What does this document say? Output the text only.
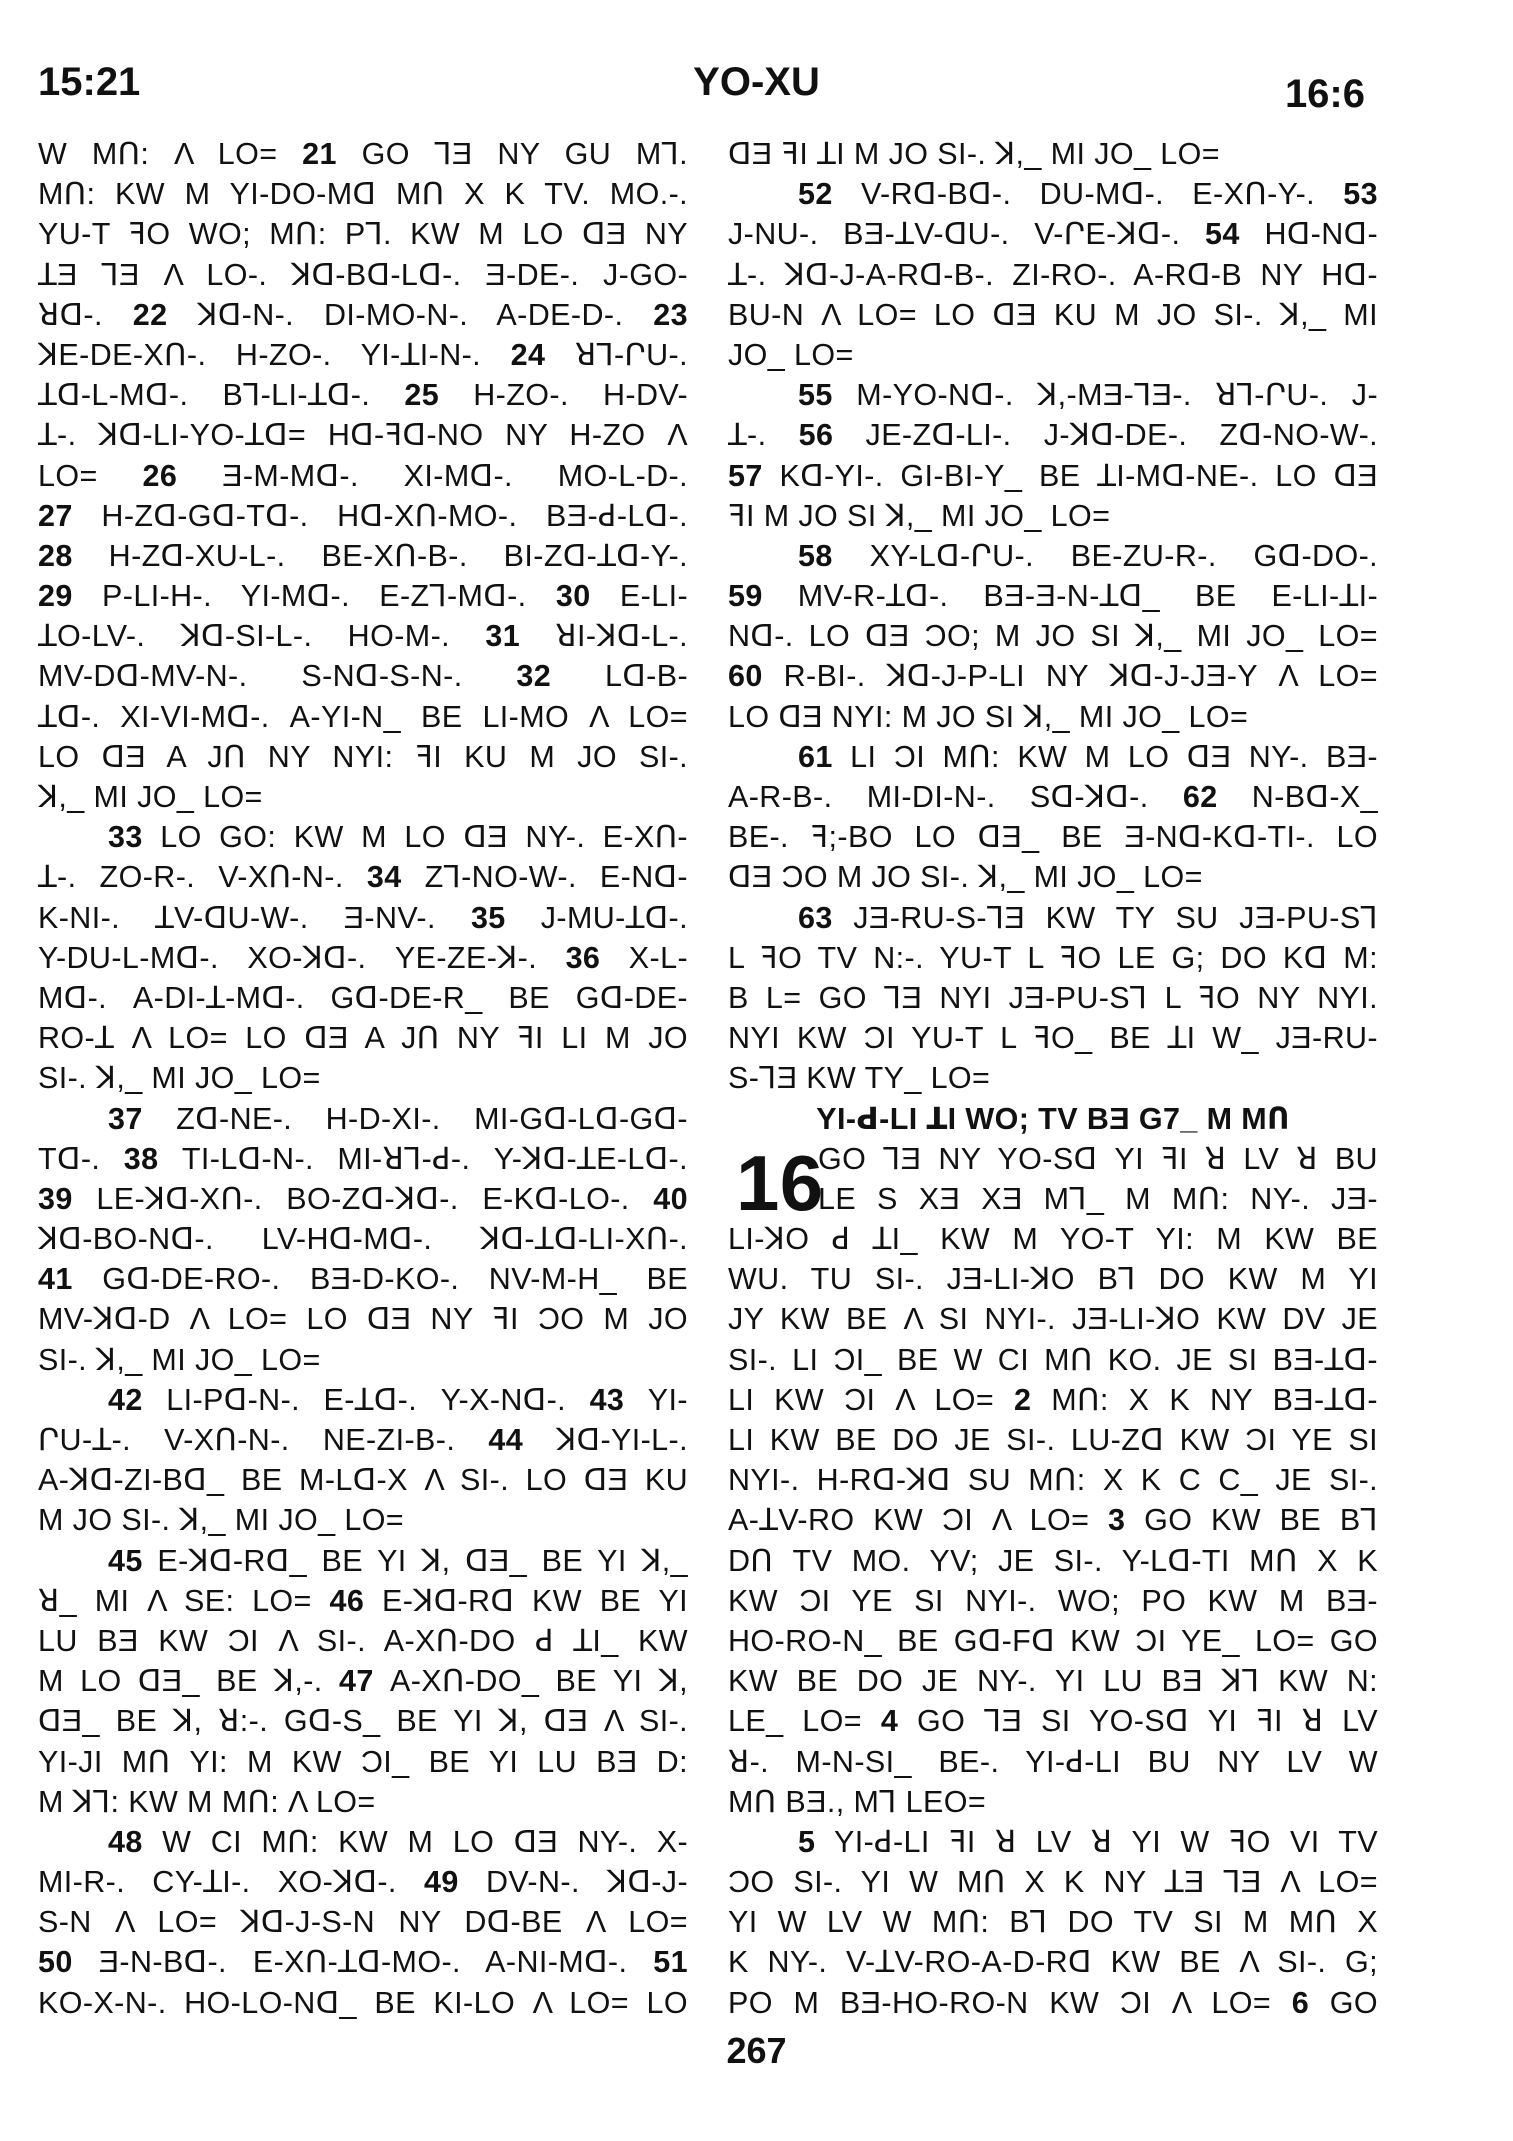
15:21	YO-XU	16:6
W MՈ: Λ LO= 21 GO ꓶƎ NY GU Mꓶ.
MՈ: KW M YI-DO-Mꓷ MՈ X K TV. MO.-.
YU-T ꟻO WO; MՈ: Pꓶ. KW M LO ꓷƎ NY
ꓕƎ ꓶƎ Λ LO-. ꓘꓷ-Bꓷ-Lꓷ-. Ǝ-DE-. J-GO-
ꓤꓷ-. 22 ꓘꓷ-N-. DI-MO-N-. A-DE-D-. 23
ꓘE-DE-XՈ-. H-ZO-. YI-ꓕI-N-. 24 ꓤꓶ-ՐU-.
ꓕꓷ-L-Mꓷ-. Bꓶ-LI-ꓕꓷ-. 25 H-ZO-. H-DV-
ꓕ-. ꓘꓷ-LI-YO-ꓕꓷ= Hꓷ-ꟻꓷ-NO NY H-ZO Λ
LO= 26 Ǝ-M-Mꓷ-. XI-Mꓷ-. MO-L-D-.
27 H-Zꓷ-Gꓷ-Tꓷ-. Hꓷ-XՈ-MO-. BƎ-ꓒ-Lꓷ-.
28 H-Zꓷ-XU-L-. BE-XՈ-B-. BI-Zꓷ-ꓕꓷ-Y-.
29 P-LI-H-. YI-Mꓷ-. E-Zꓶ-Mꓷ-. 30 E-LI-
ꓕO-LV-. ꓘꓷ-SI-L-. HO-M-. 31 ꓤI-ꓘꓷ-L-.
MV-Dꓷ-MV-N-. S-Nꓷ-S-N-. 32 Lꓷ-B-
ꓕꓷ-. XI-VI-Mꓷ-. A-YI-N_ BE LI-MO Λ LO=
LO ꓷƎ A JՈ NY NYI: ꟻI KU M JO SI-.
ꓘ,_ MI JO_ LO=
33 LO GO: KW M LO ꓷƎ NY-. E-XՈ-
ꓕ-. ZO-R-. V-XՈ-N-. 34 Zꓶ-NO-W-. E-Nꓷ-
K-NI-. ꓕV-ꓷU-W-. Ǝ-NV-. 35 J-MU-ꓕꓷ-.
Y-DU-L-Mꓷ-. XO-ꓘꓷ-. YE-ZE-ꓘ-. 36 X-L-
Mꓷ-. A-DI-ꓕ-Mꓷ-. Gꓷ-DE-R_ BE Gꓷ-DE-
RO-ꓕ Λ LO= LO ꓷƎ A JՈ NY ꟻI LI M JO
SI-. ꓘ,_ MI JO_ LO=
37 Zꓷ-NE-. H-D-XI-. MI-Gꓷ-Lꓷ-Gꓷ-
Tꓷ-. 38 TI-Lꓷ-N-. MI-ꓤꓶ-ꓒ-. Y-ꓘꓷ-ꓕE-Lꓷ-.
39 LE-ꓘꓷ-XՈ-. BO-Zꓷ-ꓘꓷ-. E-Kꓷ-LO-. 40
ꓘꓷ-BO-Nꓷ-. LV-Hꓷ-Mꓷ-. ꓘꓷ-ꓕꓷ-LI-XՈ-.
41 Gꓷ-DE-RO-. BƎ-D-KO-. NV-M-H_ BE
MV-ꓘꓷ-D Λ LO= LO ꓷƎ NY ꟻI ƆO M JO
SI-. ꓘ,_ MI JO_ LO=
42 LI-Pꓷ-N-. E-ꓕꓷ-. Y-X-Nꓷ-. 43 YI-
ՐU-ꓕ-. V-XՈ-N-. NE-ZI-B-. 44 ꓘꓷ-YI-L-.
A-ꓘꓷ-ZI-Bꓷ_ BE M-Lꓷ-X Λ SI-. LO ꓷƎ KU
M JO SI-. ꓘ,_ MI JO_ LO=
45 E-ꓘꓷ-Rꓷ_ BE YI ꓘ, ꓷƎ_ BE YI ꓘ,_
ꓤ_ MI Λ SE: LO= 46 E-ꓘꓷ-Rꓷ KW BE YI
LU BƎ KW ƆI Λ SI-. A-XՈ-DO ꓒ ꓕI_ KW
M LO ꓷƎ_ BE ꓘ,-. 47 A-XՈ-DO_ BE YI ꓘ,
ꓷƎ_ BE ꓘ, ꓤ:-. Gꓷ-S_ BE YI ꓘ, ꓷƎ Λ SI-.
YI-JI MՈ YI: M KW ƆI_ BE YI LU BƎ D:
M ꓘꓶ: KW M MՈ: Λ LO=
48 W CI MՈ: KW M LO ꓷƎ NY-. X-
MI-R-. CY-ꓕI-. XO-ꓘꓷ-. 49 DV-N-. ꓘꓷ-J-
S-N Λ LO= ꓘꓷ-J-S-N NY Dꓷ-BE Λ LO=
50 Ǝ-N-Bꓷ-. E-XՈ-ꓕꓷ-MO-. A-NI-Mꓷ-. 51
KO-X-N-. HO-LO-Nꓷ_ BE KI-LO Λ LO= LO
ꓷƎ ꟻI ꓕI M JO SI-. ꓘ,_ MI JO_ LO=
52 V-Rꓷ-Bꓷ-. DU-Mꓷ-. E-XՈ-Y-. 53
J-NU-. BƎ-ꓕV-ꓷU-. V-ՐE-ꓘꓷ-. 54 Hꓷ-Nꓷ-
ꓕ-. ꓘꓷ-J-A-Rꓷ-B-. ZI-RO-. A-Rꓷ-B NY Hꓷ-
BU-N Λ LO= LO ꓷƎ KU M JO SI-. ꓘ,_ MI
JO_ LO=
55 M-YO-Nꓷ-. ꓘ,-MƎ-ꓶƎ-. ꓤꓶ-ՐU-. J-
ꓕ-. 56 JE-Zꓷ-LI-. J-ꓘꓷ-DE-. Zꓷ-NO-W-.
57 Kꓷ-YI-. GI-BI-Y_ BE ꓕI-Mꓷ-NE-. LO ꓷƎ
ꟻI M JO SI ꓘ,_ MI JO_ LO=
58 XY-Lꓷ-ՐU-. BE-ZU-R-. Gꓷ-DO-.
59 MV-R-ꓕꓷ-. BƎ-Ǝ-N-ꓕꓷ_ BE E-LI-ꓕI-
Nꓷ-. LO ꓷƎ ƆO; M JO SI ꓘ,_ MI JO_ LO=
60 R-BI-. ꓘꓷ-J-P-LI NY ꓘꓷ-J-JƎ-Y Λ LO=
LO ꓷƎ NYI: M JO SI ꓘ,_ MI JO_ LO=
61 LI ƆI MՈ: KW M LO ꓷƎ NY-. BƎ-
A-R-B-. MI-DI-N-. Sꓷ-ꓘꓷ-. 62 N-Bꓷ-X_
BE-. ꟻ;-BO LO ꓷƎ_ BE Ǝ-Nꓷ-Kꓷ-TI-. LO
ꓷƎ ƆO M JO SI-. ꓘ,_ MI JO_ LO=
63 JƎ-RU-S-ꓶƎ KW TY SU JƎ-PU-Sꓶ
L ꟻO TV N:-. YU-T L ꟻO LE G; DO Kꓷ M:
B L= GO ꓶƎ NYI JƎ-PU-Sꓶ L ꟻO NY NYI.
NYI KW ƆI YU-T L ꟻO_ BE ꓕI W_ JƎ-RU-
S-ꓶƎ KW TY_ LO=
YI-ꓒ-LI ꓕI WO; TV BƎ G7_ M MՈ
16
GO ꓶƎ NY YO-Sꓷ YI ꟻI ꓤ LV ꓤ BU
LE S XƎ XƎ Mꓶ_ M MՈ: NY-. JƎ-
LI-ꓘO ꓒ ꓕI_ KW M YO-T YI: M KW BE
WU. TU SI-. JƎ-LI-ꓘO Bꓶ DO KW M YI
JY KW BE Λ SI NYI-. JƎ-LI-ꓘO KW DV JE
SI-. LI ƆI_ BE W CI MՈ KO. JE SI BƎ-ꓕꓷ-
LI KW ƆI Λ LO= 2 MՈ: X K NY BƎ-ꓕꓷ-
LI KW BE DO JE SI-. LU-Zꓷ KW ƆI YE SI
NYI-. H-Rꓷ-ꓘꓷ SU MՈ: X K C C_ JE SI-.
A-ꓕV-RO KW ƆI Λ LO= 3 GO KW BE Bꓶ
DՈ TV MO. YV; JE SI-. Y-Lꓷ-TI MՈ X K
KW ƆI YE SI NYI-. WO; PO KW M BƎ-
HO-RO-N_ BE Gꓷ-Fꓷ KW ƆI YE_ LO= GO
KW BE DO JE NY-. YI LU BƎ ꓘꓶ KW N:
LE_ LO= 4 GO ꓶƎ SI YO-Sꓷ YI ꟻI ꓤ LV
ꓤ-. M-N-SI_ BE-. YI-ꓒ-LI BU NY LV W
MՈ BƎ., Mꓶ LEO=
5 YI-ꓒ-LI ꟻI ꓤ LV ꓤ YI W ꟻO VI TV
ƆO SI-. YI W MՈ X K NY ꓕƎ ꓶƎ Λ LO=
YI W LV W MՈ: Bꓶ DO TV SI M MՈ X
K NY-. V-ꓕV-RO-A-D-Rꓷ KW BE Λ SI-. G;
PO M BƎ-HO-RO-N KW ƆI Λ LO= 6 GO
267
